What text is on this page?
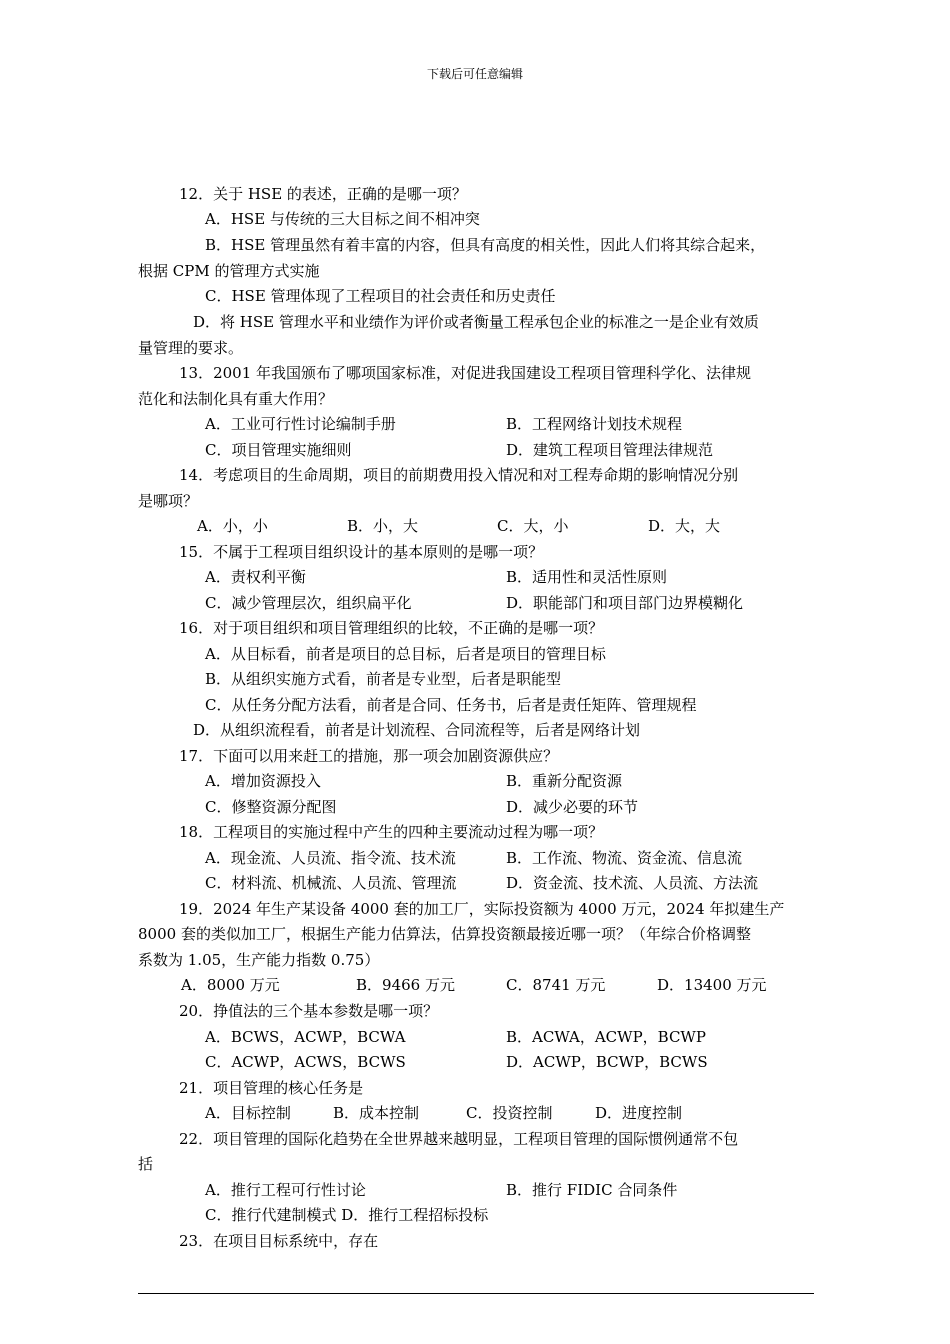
下载后可任意编辑
12．关于 HSE 的表述，正确的是哪一项？
A．HSE 与传统的三大目标之间不相冲突
B．HSE 管理虽然有着丰富的内容，但具有高度的相关性，因此人们将其综合起来，
根据 CPM 的管理方式实施
C．HSE 管理体现了工程项目的社会责任和历史责任
D．将 HSE 管理水平和业绩作为评价或者衡量工程承包企业的标准之一是企业有效质
量管理的要求。
13．2001 年我国颁布了哪项国家标准，对促进我国建设工程项目管理科学化、法律规
范化和法制化具有重大作用？
A．工业可行性讨论编制手册	B．工程网络计划技术规程
C．项目管理实施细则	D．建筑工程项目管理法律规范
14．考虑项目的生命周期，项目的前期费用投入情况和对工程寿命期的影响情况分别
是哪项？
A．小，小	B．小，大	C．大，小	D．大，大
15．不属于工程项目组织设计的基本原则的是哪一项？
A．责权利平衡	B．适用性和灵活性原则
C．减少管理层次，组织扁平化	D．职能部门和项目部门边界模糊化
16．对于项目组织和项目管理组织的比较，不正确的是哪一项？
A．从目标看，前者是项目的总目标，后者是项目的管理目标
B．从组织实施方式看，前者是专业型，后者是职能型
C．从任务分配方法看，前者是合同、任务书，后者是责任矩阵、管理规程
D．从组织流程看，前者是计划流程、合同流程等，后者是网络计划
17．下面可以用来赶工的措施，那一项会加剧资源供应？
A．增加资源投入	B．重新分配资源
C．修整资源分配图	D．减少必要的环节
18．工程项目的实施过程中产生的四种主要流动过程为哪一项？
A．现金流、人员流、指令流、技术流	B．工作流、物流、资金流、信息流
C．材料流、机械流、人员流、管理流	D．资金流、技术流、人员流、方法流
19．2024 年生产某设备 4000 套的加工厂，实际投资额为 4000 万元，2024 年拟建生产
8000 套的类似加工厂，根据生产能力估算法，估算投资额最接近哪一项？（年综合价格调整
系数为 1.05，生产能力指数 0.75）
A．8000 万元	B．9466 万元	C．8741 万元	D．13400 万元
20．挣值法的三个基本参数是哪一项？
A．BCWS，ACWP，BCWA	B．ACWA，ACWP，BCWP
C．ACWP，ACWS，BCWS	D．ACWP，BCWP，BCWS
21．项目管理的核心任务是
A．目标控制	B．成本控制	C．投资控制	D．进度控制
22．项目管理的国际化趋势在全世界越来越明显，工程项目管理的国际惯例通常不包
括
A．推行工程可行性讨论	B．推行 FIDIC 合同条件
C．推行代建制模式 D．推行工程招标投标
23．在项目目标系统中，存在
